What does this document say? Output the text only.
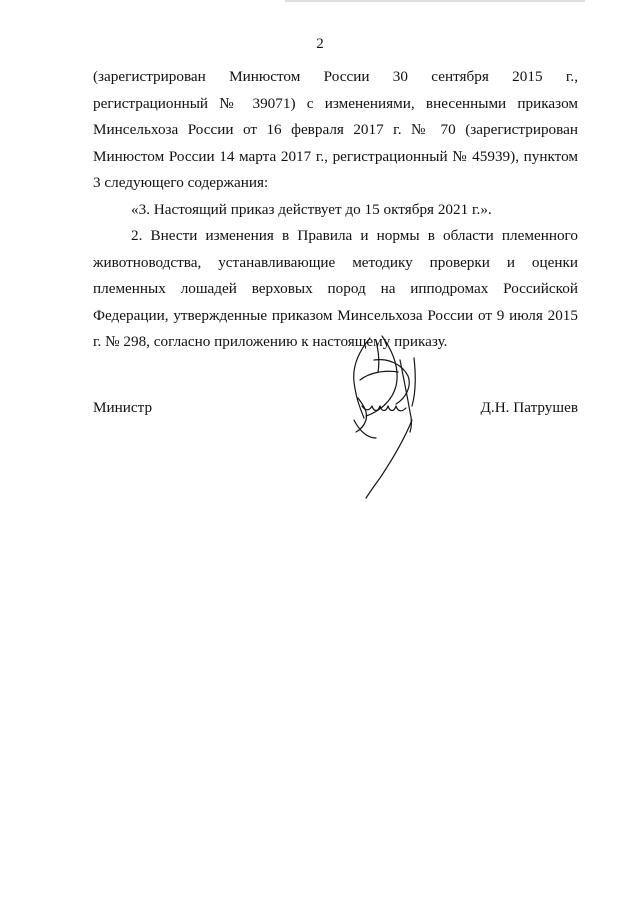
2

(зарегистрирован Минюстом России 30 сентября 2015 г., регистрационный № 39071) с изменениями, внесенными приказом Минсельхоза России от 16 февраля 2017 г. № 70 (зарегистрирован Минюстом России 14 марта 2017 г., регистрационный № 45939), пунктом 3 следующего содержания:

«3. Настоящий приказ действует до 15 октября 2021 г.».

2. Внести изменения в Правила и нормы в области племенного животноводства, устанавливающие методику проверки и оценки племенных лошадей верховых пород на ипподромах Российской Федерации, утвержденные приказом Минсельхоза России от 9 июля 2015 г. № 298, согласно приложению к настоящему приказу.

Министр	Д.Н. Патрушев
